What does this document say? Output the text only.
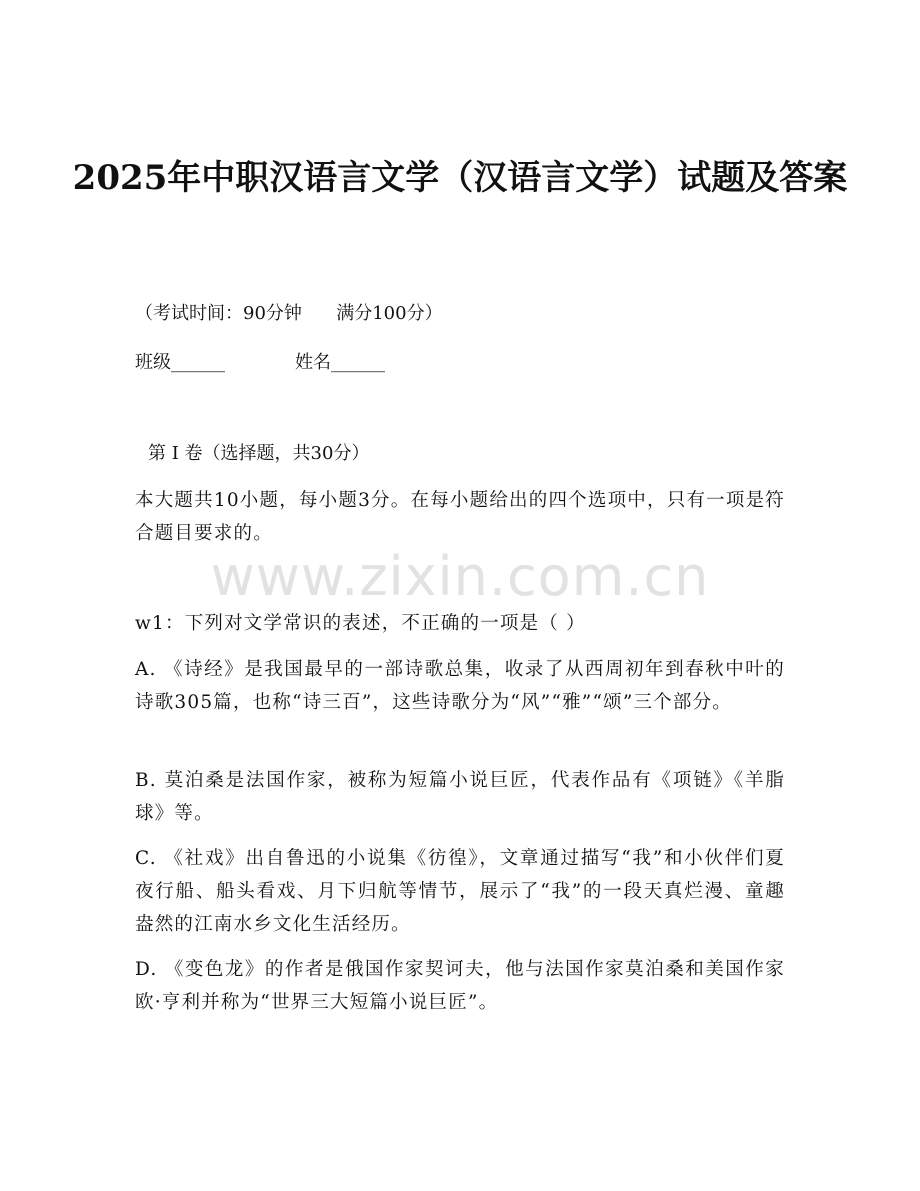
2025年中职汉语言文学（汉语言文学）试题及答案
（考试时间：90分钟      满分100分）
班级______	姓名______
第 I 卷（选择题，共30分）
本大题共10小题，每小题3分。在每小题给出的四个选项中，只有一项是符合题目要求的。
www.zixin.com.cn
w1：下列对文学常识的表述，不正确的一项是（ ）
A. 《诗经》是我国最早的一部诗歌总集，收录了从西周初年到春秋中叶的诗歌305篇，也称“诗三百”，这些诗歌分为“风”“雅”“颂”三个部分。
B. 莫泊桑是法国作家，被称为短篇小说巨匠，代表作品有《项链》《羊脂球》等。
C. 《社戏》出自鲁迅的小说集《彷徨》，文章通过描写“我”和小伙伴们夏夜行船、船头看戏、月下归航等情节，展示了“我”的一段天真烂漫、童趣盎然的江南水乡文化生活经历。
D. 《变色龙》的作者是俄国作家契诃夫，他与法国作家莫泊桑和美国作家欧·亨利并称为“世界三大短篇小说巨匠”。
